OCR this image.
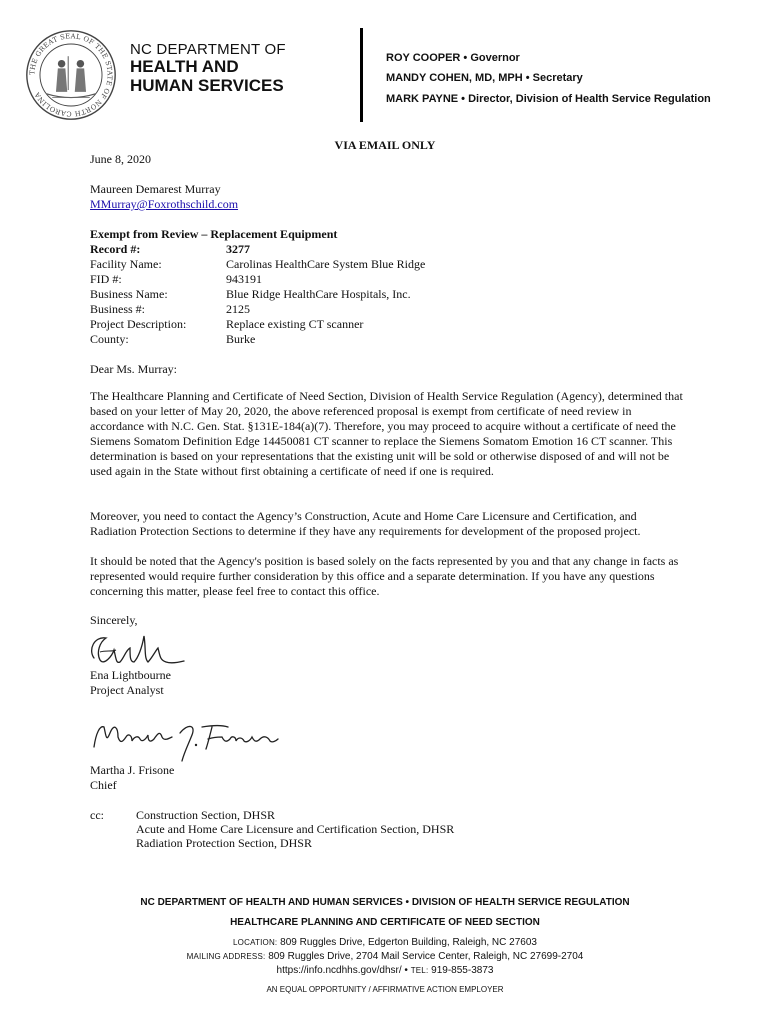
THE GREAT SEAL OF THE STATE OF NORTH CAROLINA
NC DEPARTMENT OF
HEALTH AND
HUMAN SERVICES
ROY COOPER • Governor
MANDY COHEN, MD, MPH • Secretary
MARK PAYNE • Director, Division of Health Service Regulation
VIA EMAIL ONLY
June 8, 2020
Maureen Demarest Murray
MMurray@Foxrothschild.com
Exempt from Review – Replacement Equipment
Record #:	3277
Facility Name:	Carolinas HealthCare System Blue Ridge
FID #:	943191
Business Name:	Blue Ridge HealthCare Hospitals, Inc.
Business #:	2125
Project Description:	Replace existing CT scanner
County:	Burke
Dear Ms. Murray:
The Healthcare Planning and Certificate of Need Section, Division of Health Service Regulation (Agency), determined that based on your letter of May 20, 2020, the above referenced proposal is exempt from certificate of need review in accordance with N.C. Gen. Stat. §131E-184(a)(7). Therefore, you may proceed to acquire without a certificate of need the Siemens Somatom Definition Edge 14450081 CT scanner to replace the Siemens Somatom Emotion 16 CT scanner. This determination is based on your representations that the existing unit will be sold or otherwise disposed of and will not be used again in the State without first obtaining a certificate of need if one is required.
Moreover, you need to contact the Agency’s Construction, Acute and Home Care Licensure and Certification, and Radiation Protection Sections to determine if they have any requirements for development of the proposed project.
It should be noted that the Agency's position is based solely on the facts represented by you and that any change in facts as represented would require further consideration by this office and a separate determination. If you have any questions concerning this matter, please feel free to contact this office.
Sincerely,
Ena Lightbourne
Project Analyst
Martha J. Frisone
Chief
cc:	Construction Section, DHSR
Acute and Home Care Licensure and Certification Section, DHSR
Radiation Protection Section, DHSR
NC DEPARTMENT OF HEALTH AND HUMAN SERVICES • DIVISION OF HEALTH SERVICE REGULATION
HEALTHCARE PLANNING AND CERTIFICATE OF NEED SECTION
LOCATION: 809 Ruggles Drive, Edgerton Building, Raleigh, NC 27603
MAILING ADDRESS: 809 Ruggles Drive, 2704 Mail Service Center, Raleigh, NC 27699-2704
https://info.ncdhhs.gov/dhsr/ • TEL: 919-855-3873
AN EQUAL OPPORTUNITY / AFFIRMATIVE ACTION EMPLOYER
